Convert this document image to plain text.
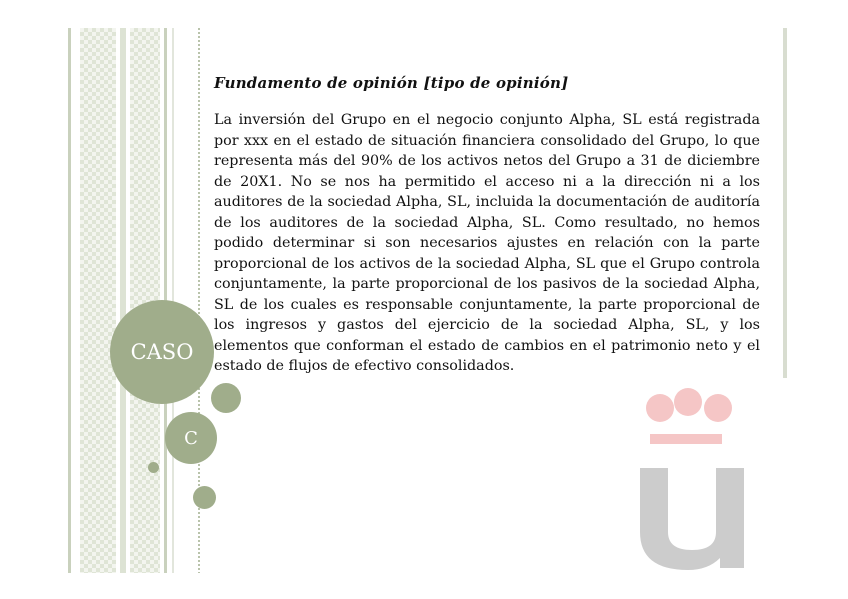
CASO
C

Fundamento de opinión [tipo de opinión]

La inversión del Grupo en el negocio conjunto Alpha, SL está registrada por xxx en el estado de situación financiera consolidado del Grupo, lo que representa más del 90% de los activos netos del Grupo a 31 de diciembre de 20X1. No se nos ha permitido el acceso ni a la dirección ni a los auditores de la sociedad Alpha, SL, incluida la documentación de auditoría de los auditores de la sociedad Alpha, SL. Como resultado, no hemos podido determinar si son necesarios ajustes en relación con la parte proporcional de los activos de la sociedad Alpha, SL que el Grupo controla conjuntamente, la parte proporcional de los pasivos de la sociedad Alpha, SL de los cuales es responsable conjuntamente, la parte proporcional de los ingresos y gastos del ejercicio de la sociedad Alpha, SL, y los elementos que conforman el estado de cambios en el patrimonio neto y el estado de flujos de efectivo consolidados.
